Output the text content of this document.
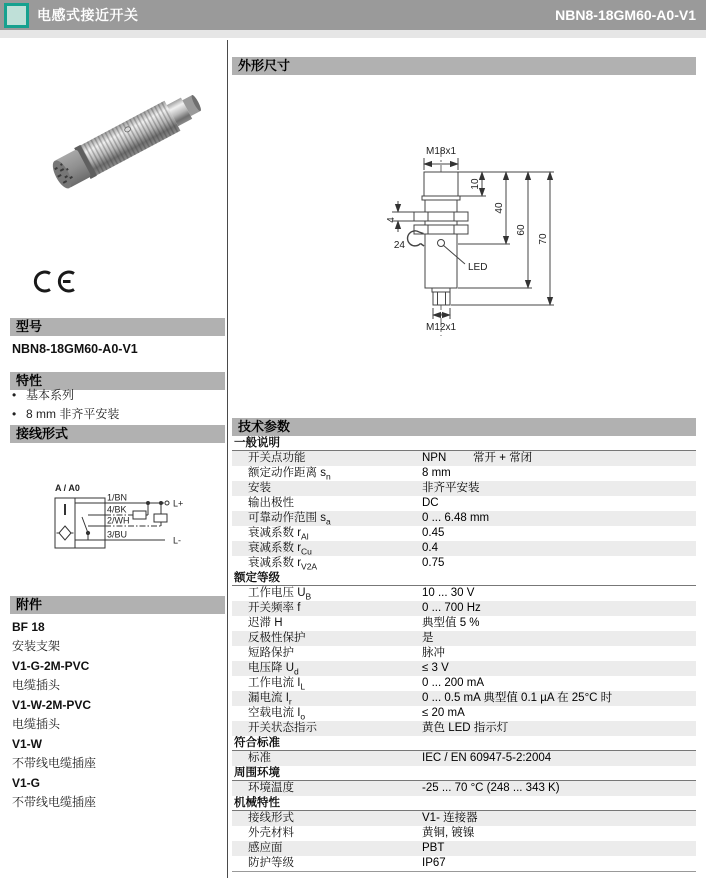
电感式接近开关	NBN8-18GM60-A0-V1
型号
NBN8-18GM60-A0-V1
特性
• 基本系列
• 8 mm 非齐平安装
接线形式
A / A0
1/BN
4/BK
2/WH
3/BU
L+
L-
附件
BF 18
安装支架
V1-G-2M-PVC
电缆插头
V1-W-2M-PVC
电缆插头
V1-W
不带线电缆插座
V1-G
不带线电缆插座
外形尺寸
M18x1
M12x1
10
40
60
70
4
24
LED
技术参数
一般说明
开关点功能	NPN	常开 + 常闭
额定动作距离 $s_n$	8 mm
安装	非齐平安装
输出极性	DC
可靠动作范围 $s_a$	0 ... 6.48 mm
衰减系数 $r_{Al}$	0.45
衰减系数 $r_{Cu}$	0.4
衰减系数 $r_{V2A}$	0.75
额定等级
工作电压 $U_B$	10 ... 30 V
开关频率 f	0 ... 700 Hz
迟滞 H	典型值 5 %
反极性保护	是
短路保护	脉冲
电压降 $U_d$	≤ 3 V
工作电流 $I_L$	0 ... 200 mA
漏电流 $I_r$	0 ... 0.5 mA 典型值 0.1 µA 在 25°C 时
空载电流 $I_o$	≤ 20 mA
开关状态指示	黄色 LED 指示灯
符合标准
标准	IEC / EN 60947-5-2:2004
周围环境
环境温度	-25 ... 70 °C (248 ... 343 K)
机械特性
接线形式	V1- 连接器
外壳材料	黄铜, 镀镍
感应面	PBT
防护等级	IP67
